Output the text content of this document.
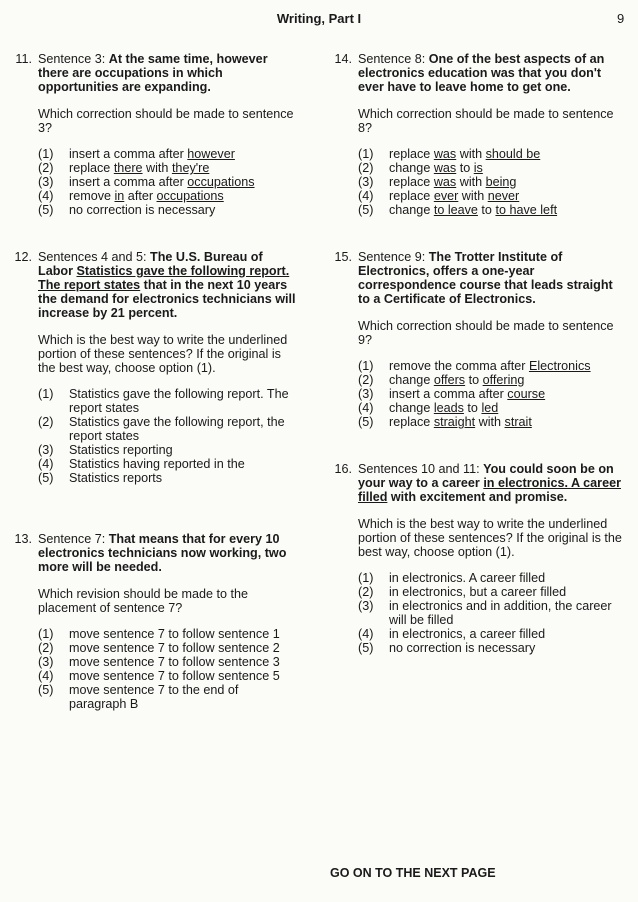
Writing, Part I	9
11. Sentence 3: At the same time, however there are occupations in which opportunities are expanding.

Which correction should be made to sentence 3?

(1)	insert a comma after however
(2)	replace there with they're
(3)	insert a comma after occupations
(4)	remove in after occupations
(5)	no correction is necessary
12. Sentences 4 and 5: The U.S. Bureau of Labor Statistics gave the following report. The report states that in the next 10 years the demand for electronics technicians will increase by 21 percent.

Which is the best way to write the underlined portion of these sentences? If the original is the best way, choose option (1).

(1)	Statistics gave the following report. The report states
(2)	Statistics gave the following report, the report states
(3)	Statistics reporting
(4)	Statistics having reported in the
(5)	Statistics reports
13. Sentence 7: That means that for every 10 electronics technicians now working, two more will be needed.

Which revision should be made to the placement of sentence 7?

(1)	move sentence 7 to follow sentence 1
(2)	move sentence 7 to follow sentence 2
(3)	move sentence 7 to follow sentence 3
(4)	move sentence 7 to follow sentence 5
(5)	move sentence 7 to the end of paragraph B
14. Sentence 8: One of the best aspects of an electronics education was that you don't ever have to leave home to get one.

Which correction should be made to sentence 8?

(1)	replace was with should be
(2)	change was to is
(3)	replace was with being
(4)	replace ever with never
(5)	change to leave to to have left
15. Sentence 9: The Trotter Institute of Electronics, offers a one-year correspondence course that leads straight to a Certificate of Electronics.

Which correction should be made to sentence 9?

(1)	remove the comma after Electronics
(2)	change offers to offering
(3)	insert a comma after course
(4)	change leads to led
(5)	replace straight with strait
16. Sentences 10 and 11: You could soon be on your way to a career in electronics. A career filled with excitement and promise.

Which is the best way to write the underlined portion of these sentences? If the original is the best way, choose option (1).

(1)	in electronics. A career filled
(2)	in electronics, but a career filled
(3)	in electronics and in addition, the career will be filled
(4)	in electronics, a career filled
(5)	no correction is necessary
GO ON TO THE NEXT PAGE
